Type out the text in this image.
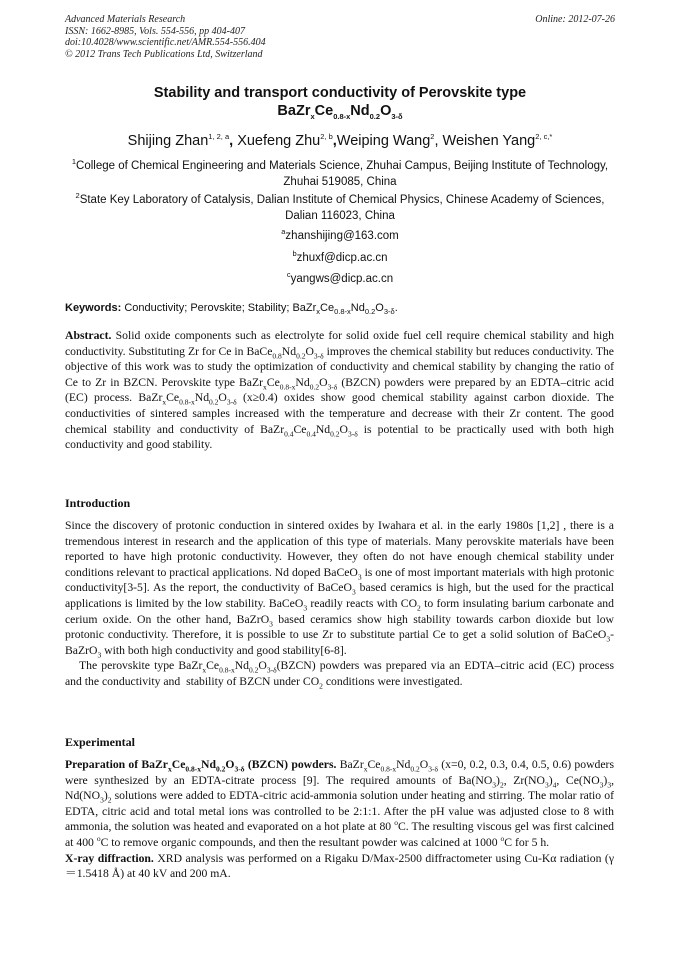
Advanced Materials Research
ISSN: 1662-8985, Vols. 554-556, pp 404-407
doi:10.4028/www.scientific.net/AMR.554-556.404
© 2012 Trans Tech Publications Ltd, Switzerland
Online: 2012-07-26
Stability and transport conductivity of Perovskite type
$BaZr_xCe_{0.8-x}Nd_{0.2}O_{3-\delta}$
Shijing Zhan$^{1, 2, a}$, Xuefeng Zhu$^{2, b}$,Weiping Wang$^2$, Weishen Yang$^{2, c,*}$
$^1$College of Chemical Engineering and Materials Science, Zhuhai Campus, Beijing Institute of Technology, Zhuhai 519085, China
$^2$State Key Laboratory of Catalysis, Dalian Institute of Chemical Physics, Chinese Academy of Sciences, Dalian 116023, China
$^a$zhanshijing@163.com
$^b$zhuxf@dicp.ac.cn
$^c$yangws@dicp.ac.cn
Keywords: Conductivity; Perovskite; Stability; $BaZr_xCe_{0.8-x}Nd_{0.2}O_{3-\delta}$.
Abstract. Solid oxide components such as electrolyte for solid oxide fuel cell require chemical stability and high conductivity. Substituting Zr for Ce in $BaCe_{0.8}Nd_{0.2}O_{3-\delta}$ improves the chemical stability but reduces conductivity. The objective of this work was to study the optimization of conductivity and chemical stability by changing the ratio of Ce to Zr in BZCN. Perovskite type $BaZr_xCe_{0.8-x}Nd_{0.2}O_{3-\delta}$ (BZCN) powders were prepared by an EDTA–citric acid (EC) process. $BaZr_xCe_{0.8-x}Nd_{0.2}O_{3-\delta}$ (x≥0.4) oxides show good chemical stability against carbon dioxide. The conductivities of sintered samples increased with the temperature and decrease with their Zr content. The good chemical stability and conductivity of $BaZr_{0.4}Ce_{0.4}Nd_{0.2}O_{3-\delta}$ is potential to be practically used with both high conductivity and good stability.
Introduction
Since the discovery of protonic conduction in sintered oxides by Iwahara et al. in the early 1980s [1,2] , there is a tremendous interest in research and the application of this type of materials. Many perovskite materials have been reported to have high protonic conductivity. However, they often do not have enough chemical stability under conditions relevant to practical applications. Nd doped BaCeO$_3$ is one of most important materials with high protonic conductivity[3-5]. As the report, the conductivity of BaCeO$_3$ based ceramics is high, but the used for the practical applications is limited by the low stability. BaCeO$_3$ readily reacts with $CO_2$ to form insulating barium carbonate and cerium oxide. On the other hand, BaZrO$_3$ based ceramics show high stability towards carbon dioxide but low protonic conductivity. Therefore, it is possible to use Zr to substitute partial Ce to get a solid solution of BaCeO$_3$-BaZrO$_3$ with both high conductivity and good stability[6-8].
The perovskite type $BaZr_xCe_{0.8-x}Nd_{0.2}O_{3-\delta}(BZCN)$ powders was prepared via an EDTA–citric acid (EC) process and the conductivity and  stability of BZCN under $CO_2$ conditions were investigated.
Experimental
Preparation of $BaZr_xCe_{0.8-x}Nd_{0.2}O_{3-\delta}$ (BZCN) powders. $BaZr_xCe_{0.8-x}Nd_{0.2}O_{3-\delta}$ (x=0, 0.2, 0.3, 0.4, 0.5, 0.6) powders were synthesized by an EDTA-citrate process [9]. The required amounts of $Ba(NO_3)_2$, $Zr(NO_3)_4$, $Ce(NO_3)_3$, $Nd(NO_3)_2$ solutions were added to EDTA-citric acid-ammonia solution under heating and stirring. The molar ratio of EDTA, citric acid and total metal ions was controlled to be 2:1:1. After the pH value was adjusted close to 8 with ammonia, the solution was heated and evaporated on a hot plate at 80 $^o$C. The resulting viscous gel was first calcined at 400 $^o$C to remove organic compounds, and then the resultant powder was calcined at 1000 $^o$C for 5 h.
X-ray diffraction. XRD analysis was performed on a Rigaku D/Max-2500 diffractometer using Cu-Kα radiation (γ＝1.5418 Å) at 40 kV and 200 mA.
